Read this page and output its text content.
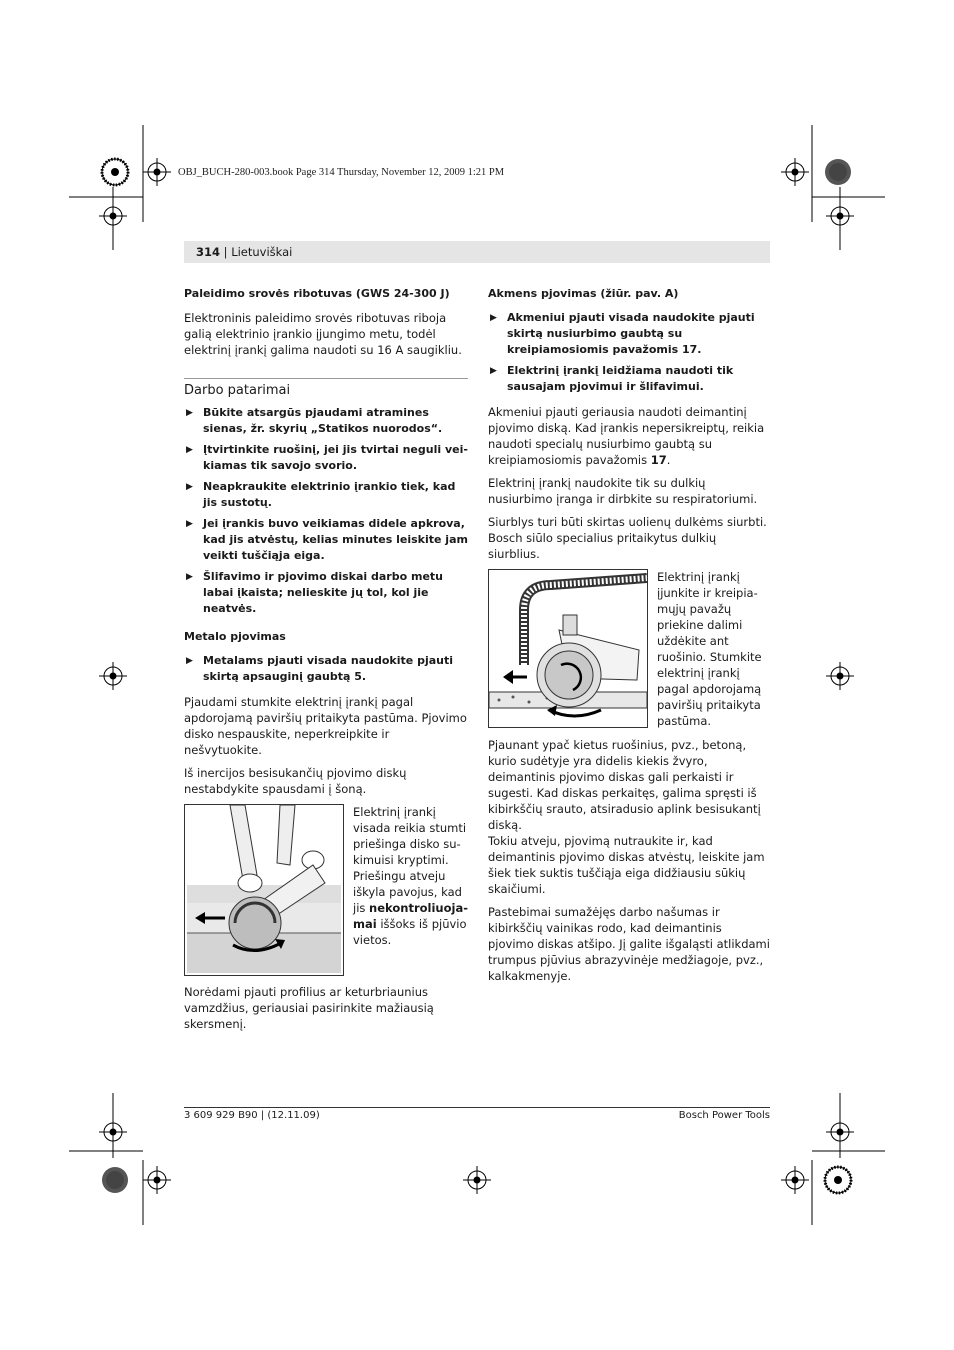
OBJ_BUCH-280-003.book Page 314 Thursday, November 12, 2009 1:21 PM
314 | Lietuviškai
Paleidimo srovės ribotuvas (GWS 24-300 J)

Elektroninis paleidimo srovės ribotuvas riboja galią elektrinio įrankio įjungimo metu, todėl elektrinį įrankį galima naudoti su 16 A saugikliu.

Darbo patarimai
▶ Būkite atsargūs pjaudami atramines sienas, žr. skyrių „Statikos nuorodos“.
▶ Įtvirtinkite ruošinį, jei jis tvirtai neguli veikiamas tik savojo svorio.
▶ Neapkraukite elektrinio įrankio tiek, kad jis sustotų.
▶ Jei įrankis buvo veikiamas didele apkrova, kad jis atvėstų, kelias minutes leiskite jam veikti tuščiąja eiga.
▶ Šlifavimo ir pjovimo diskai darbo metu labai įkaista; nelieskite jų tol, kol jie neatvės.
Metalo pjovimas
▶ Metalams pjauti visada naudokite pjauti skirtą apsauginį gaubtą 5.

Pjaudami stumkite elektrinį įrankį pagal apdorojamą paviršių pritaikyta pastūma. Pjovimo disko nespauskite, neperkreipkite ir nešvytuokite.

Iš inercijos besisukančių pjovimo diskų nestabdykite spausdami į šoną.

Elektrinį įrankį visada reikia stumti priešinga disko sukimuisi kryptimi. Priešingu atveju iškyla pavojus, kad jis nekontroliuojamai iššoks iš pjūvio vietos.

Norėdami pjauti profilius ar keturbriaunius vamzdžius, geriausiai pasirinkite mažiausią skersmenį.

Akmens pjovimas (žiūr. pav. A)
▶ Akmeniui pjauti visada naudokite pjauti skirtą nusiurbimo gaubtą su kreipiamosiomis pavažomis 17.
▶ Elektrinį įrankį leidžiama naudoti tik sausajam pjovimui ir šlifavimui.

Akmeniui pjauti geriausia naudoti deimantinį pjovimo diską. Kad įrankis nepersikreiptų, reikia naudoti specialų nusiurbimo gaubtą su kreipiamosiomis pavažomis 17.

Elektrinį įrankį naudokite tik su dulkių nusiurbimo įranga ir dirbkite su respiratoriumi.

Siurblys turi būti skirtas uolienų dulkėms siurbti. Bosch siūlo specialius pritaikytus dulkių siurblius.

Elektrinį įrankį įjunkite ir kreipiamųjų pavažų priekine dalimi uždėkite ant ruošinio. Stumkite elektrinį įrankį pagal apdorojamą paviršių pritaikyta pastūma.

Pjaunant ypač kietus ruošinius, pvz., betoną, kurio sudėtyje yra didelis kiekis žvyro, deimantinis pjovimo diskas gali perkaisti ir sugesti. Kad diskas perkaitęs, galima spręsti iš kibirkščių srauto, atsiradusio aplink besisukantį diską.

Tokiu atveju, pjovimą nutraukite ir, kad deimantinis pjovimo diskas atvėstų, leiskite jam šiek tiek suktis tuščiąja eiga didžiausiu sūkių skaičiumi.

Pastebimai sumažėjęs darbo našumas ir kibirkščių vainikas rodo, kad deimantinis pjovimo diskas atšipo. Jį galite išgaląsti atlikdami trumpus pjūvius abrazyvinėje medžiagoje, pvz., kalkakmenyje.

3 609 929 B90 | (12.11.09)	Bosch Power Tools
